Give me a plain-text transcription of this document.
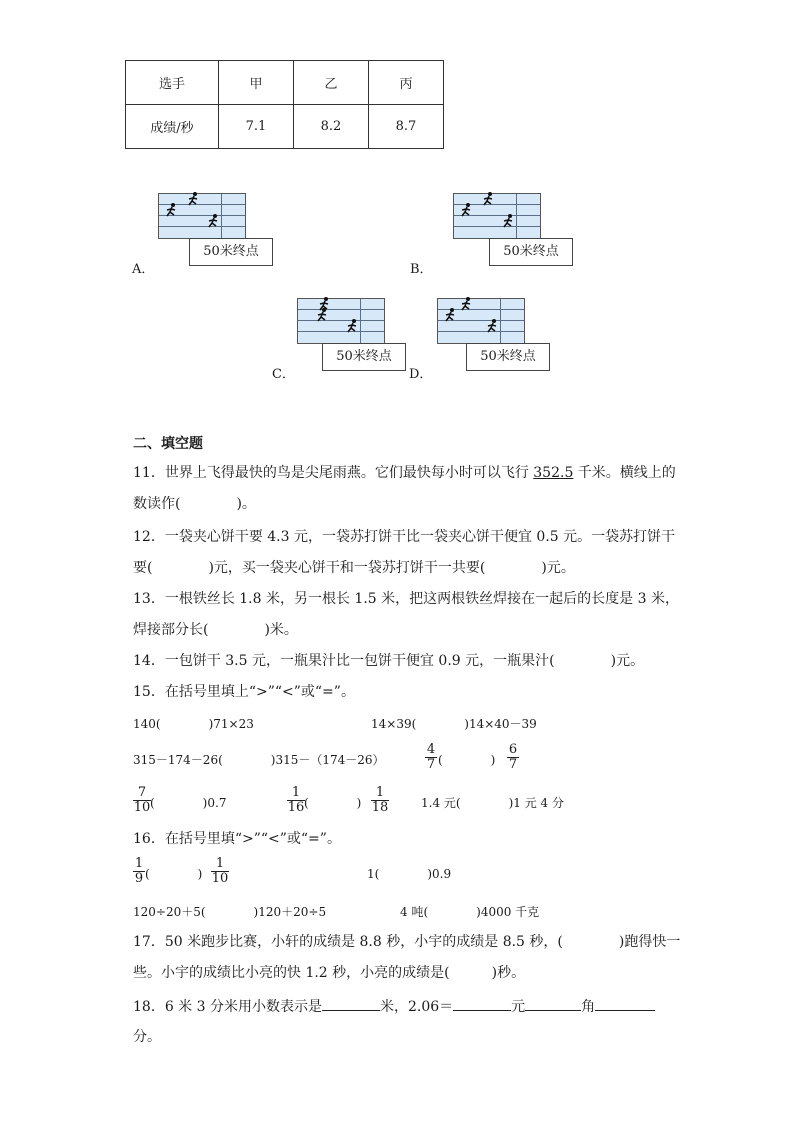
选手	甲	乙	丙
成绩/秒	7.1	8.2	8.7
50米终点
A．
50米终点
B．
50米终点
C．
50米终点
D．
二、填空题
11．世界上飞得最快的鸟是尖尾雨燕。它们最快每小时可以飞行 352.5 千米。横线上的
数读作(　　　　)。
12．一袋夹心饼干要 4.3 元，一袋苏打饼干比一袋夹心饼干便宜 0.5 元。一袋苏打饼干
要(　　　　)元，买一袋夹心饼干和一袋苏打饼干一共要(　　　　)元。
13．一根铁丝长 1.8 米，另一根长 1.5 米，把这两根铁丝焊接在一起后的长度是 3 米，
焊接部分长(　　　　)米。
14．一包饼干 3.5 元，一瓶果汁比一包饼干便宜 0.9 元，一瓶果汁(　　　　)元。
15．在括号里填上“>”“<”或“=”。
140(　　　　)71×23	14×39(　　　　)14×40－39
315－174－26(　　　　)315－（174－26）
4
7 (　　　　)
6
7
7
10 (　　　　)0.7
1
16 (　　　　)
1
18	1.4 元(　　　　)1 元 4 分
16．在括号里填“>”“<”或“=”。
1
9 (　　　　)
1
10	1(　　　　)0.9
120÷20＋5(　　　　)120＋20÷5	4 吨(　　　　)4000 千克
17．50 米跑步比赛，小轩的成绩是 8.8 秒，小宇的成绩是 8.5 秒，(　　　　)跑得快一
些。小宇的成绩比小亮的快 1.2 秒，小亮的成绩是(　　　)秒。
18．6 米 3 分米用小数表示是	米，2.06＝	元	角
分。
